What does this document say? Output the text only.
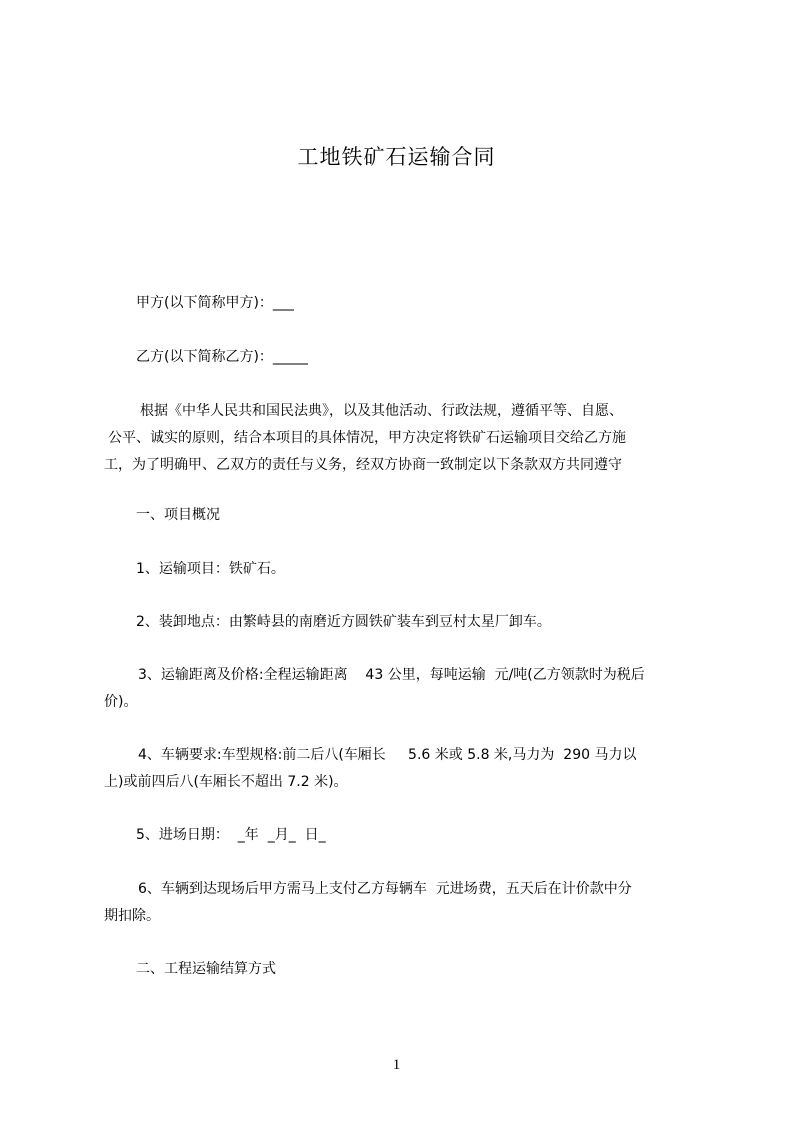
工地铁矿石运输合同
甲方(以下简称甲方)：___
乙方(以下简称乙方)：_____
根据《中华人民共和国民法典》，以及其他活动、行政法规，遵循平等、自愿、
公平、诚实的原则，结合本项目的具体情况，甲方决定将铁矿石运输项目交给乙方施
工，为了明确甲、乙双方的责任与义务，经双方协商一致制定以下条款双方共同遵守
一、项目概况
1、运输项目：铁矿石。
2、装卸地点：由繁峙县的南磨近方圆铁矿装车到豆村太星厂卸车。
3、运输距离及价格:全程运输距离    43 公里，每吨运输  元/吨(乙方领款时为税后
价)。
4、车辆要求:车型规格:前二后八(车厢长     5.6 米或 5.8 米,马力为  290 马力以
上)或前四后八(车厢长不超出 7.2 米)。
5、进场日期：  _年  _月_  日_
6、车辆到达现场后甲方需马上支付乙方每辆车  元进场费，五天后在计价款中分
期扣除。
二、工程运输结算方式
1
